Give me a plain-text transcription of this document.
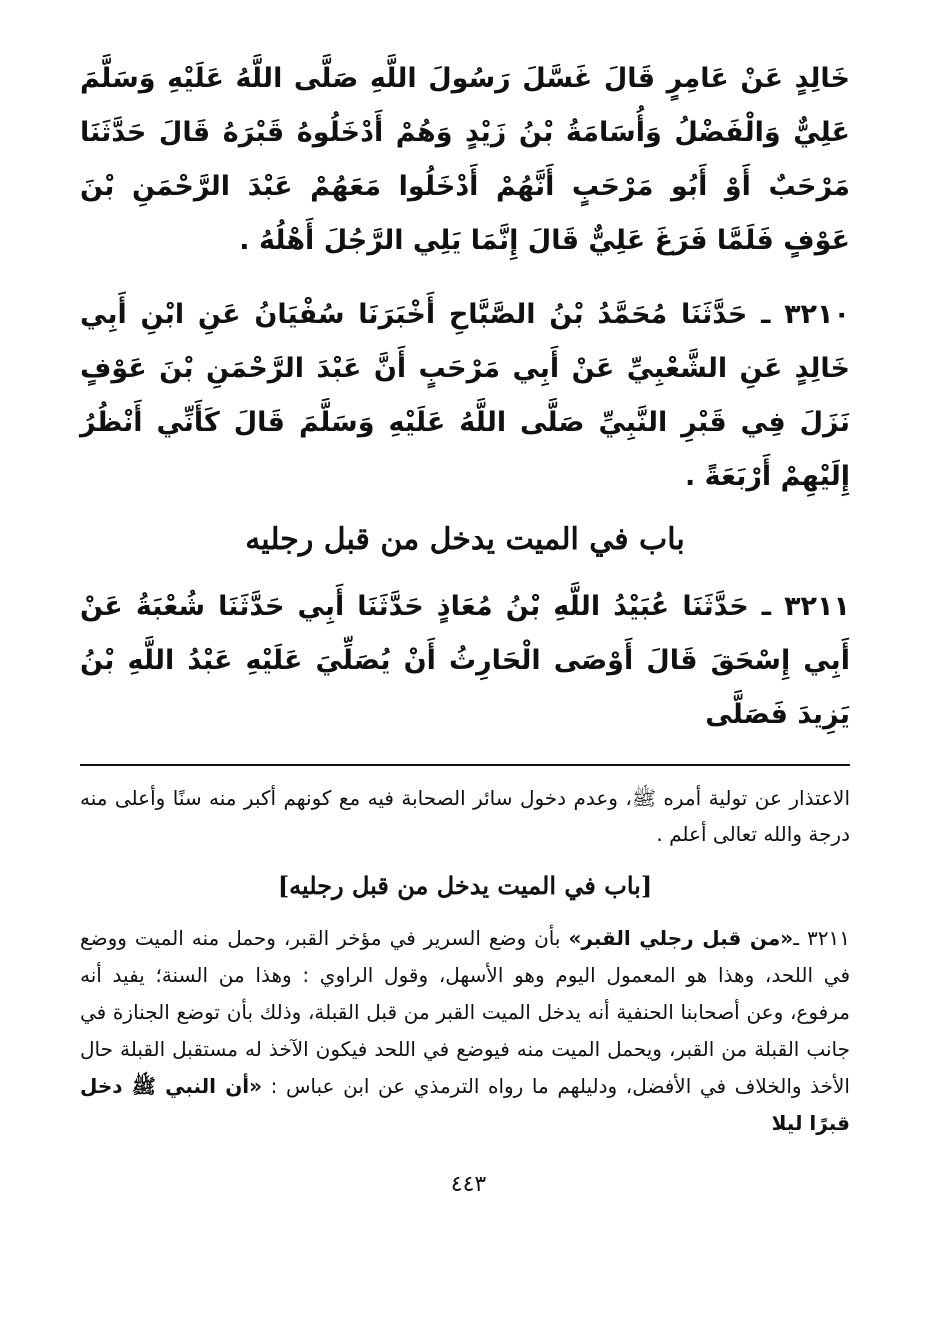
خَالِدٍ عَنْ عَامِرٍ قَالَ غَسَّلَ رَسُولَ اللَّهِ صَلَّى اللَّهُ عَلَيْهِ وَسَلَّمَ عَلِيٌّ وَالْفَضْلُ وَأُسَامَةُ بْنُ زَيْدٍ وَهُمْ أَدْخَلُوهُ قَبْرَهُ قَالَ حَدَّثَنَا مَرْحَبٌ أَوْ أَبُو مَرْحَبٍ أَنَّهُمْ أَدْخَلُوا مَعَهُمْ عَبْدَ الرَّحْمَنِ بْنَ عَوْفٍ فَلَمَّا فَرَغَ عَلِيٌّ قَالَ إِنَّمَا يَلِي الرَّجُلَ أَهْلُهُ .

٣٢١٠ ـ حَدَّثَنَا مُحَمَّدُ بْنُ الصَّبَّاحِ أَخْبَرَنَا سُفْيَانُ عَنِ ابْنِ أَبِي خَالِدٍ عَنِ الشَّعْبِيِّ عَنْ أَبِي مَرْحَبٍ أَنَّ عَبْدَ الرَّحْمَنِ بْنَ عَوْفٍ نَزَلَ فِي قَبْرِ النَّبِيِّ صَلَّى اللَّهُ عَلَيْهِ وَسَلَّمَ قَالَ كَأَنِّي أَنْظُرُ إِلَيْهِمْ أَرْبَعَةً .

باب في الميت يدخل من قبل رجليه

٣٢١١ ـ حَدَّثَنَا عُبَيْدُ اللَّهِ بْنُ مُعَاذٍ حَدَّثَنَا أَبِي حَدَّثَنَا شُعْبَةُ عَنْ أَبِي إِسْحَقَ قَالَ أَوْصَى الْحَارِثُ أَنْ يُصَلِّيَ عَلَيْهِ عَبْدُ اللَّهِ بْنُ يَزِيدَ فَصَلَّى

الاعتذار عن تولية أمره ﷺ، وعدم دخول سائر الصحابة فيه مع كونهم أكبر منه سنًا وأعلى منه درجة والله تعالى أعلم .

[باب في الميت يدخل من قبل رجليه]

٣٢١١ ـ«من قبل رجلي القبر» بأن وضع السرير في مؤخر القبر، وحمل منه الميت ووضع في اللحد، وهذا هو المعمول اليوم وهو الأسهل، وقول الراوي : وهذا من السنة؛ يفيد أنه مرفوع، وعن أصحابنا الحنفية أنه يدخل الميت القبر من قبل القبلة، وذلك بأن توضع الجنازة في جانب القبلة من القبر، ويحمل الميت منه فيوضع في اللحد فيكون الآخذ له مستقبل القبلة حال الأخذ والخلاف في الأفضل، ودليلهم ما رواه الترمذي عن ابن عباس : «أن النبي ﷺ دخل قبرًا ليلا

٤٤٣
